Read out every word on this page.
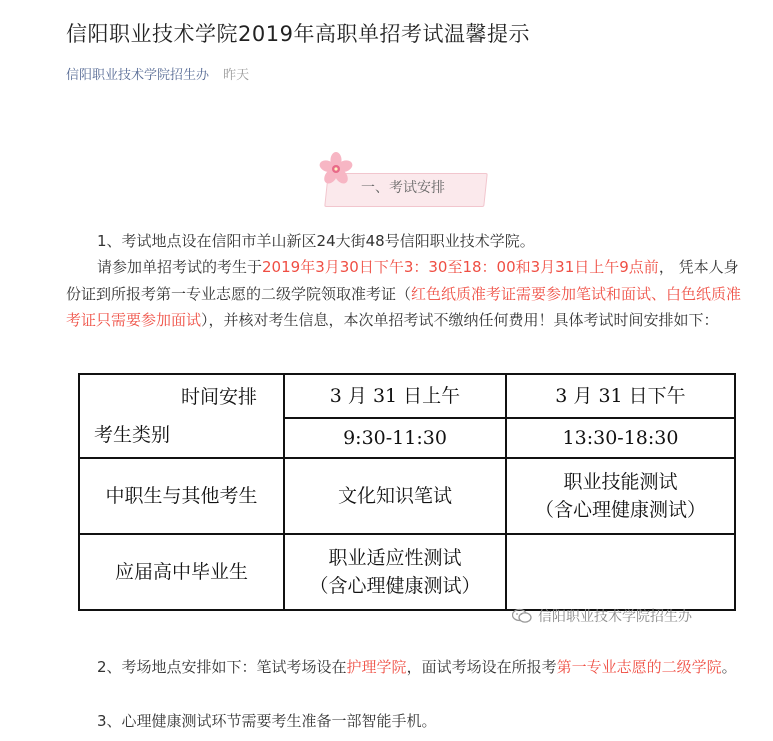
信阳职业技术学院2019年高职单招考试温馨提示
信阳职业技术学院招生办 昨天
一、考试安排
1、考试地点设在信阳市羊山新区24大街48号信阳职业技术学院。
请参加单招考试的考生于2019年3月30日下午3：30至18：00和3月31日上午9点前， 凭本人身份证到所报考第一专业志愿的二级学院领取准考证（红色纸质准考证需要参加笔试和面试、白色纸质准考证只需要参加面试），并核对考生信息，本次单招考试不缴纳任何费用！具体考试时间安排如下：
时间安排
考生类别	3 月 31 日上午	3 月 31 日下午
	9:30-11:30	13:30-18:30
中职生与其他考生	文化知识笔试	职业技能测试
（含心理健康测试）

应届高中毕业生	职业适应性测试
（含心理健康测试）	

信阳职业技术学院招生办
2、考场地点安排如下：笔试考场设在护理学院，面试考场设在所报考第一专业志愿的二级学院。
3、心理健康测试环节需要考生准备一部智能手机。
